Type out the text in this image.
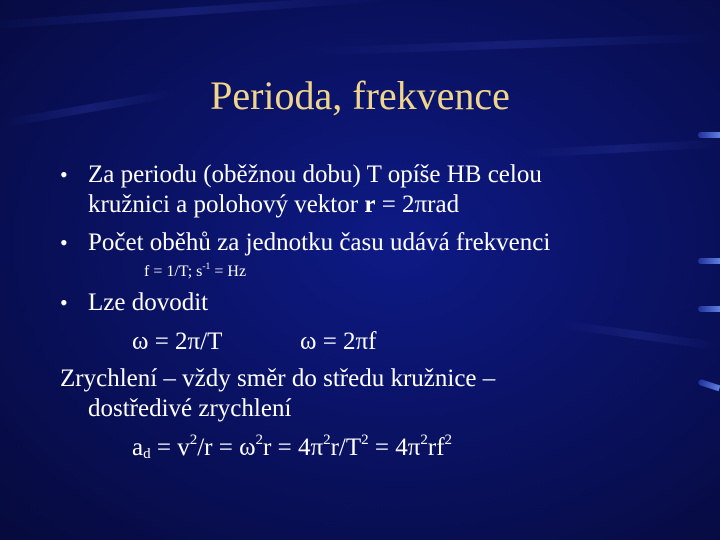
Perioda, frekvence
• Za periodu (oběžnou dobu) T opíše HB celou
kružnici a polohový vektor r = 2πrad
• Počet oběhů za jednotku času udává frekvenci
f = 1/T; $s^{-1} = Hz$
• Lze dovodit
ω = 2π/T	ω = 2πf
Zrychlení – vždy směr do středu kružnice –
dostředivé zrychlení
$a_d = v^2/r = \omega^2r = 4\pi^2r/T^2 = 4\pi^2rf^2$
